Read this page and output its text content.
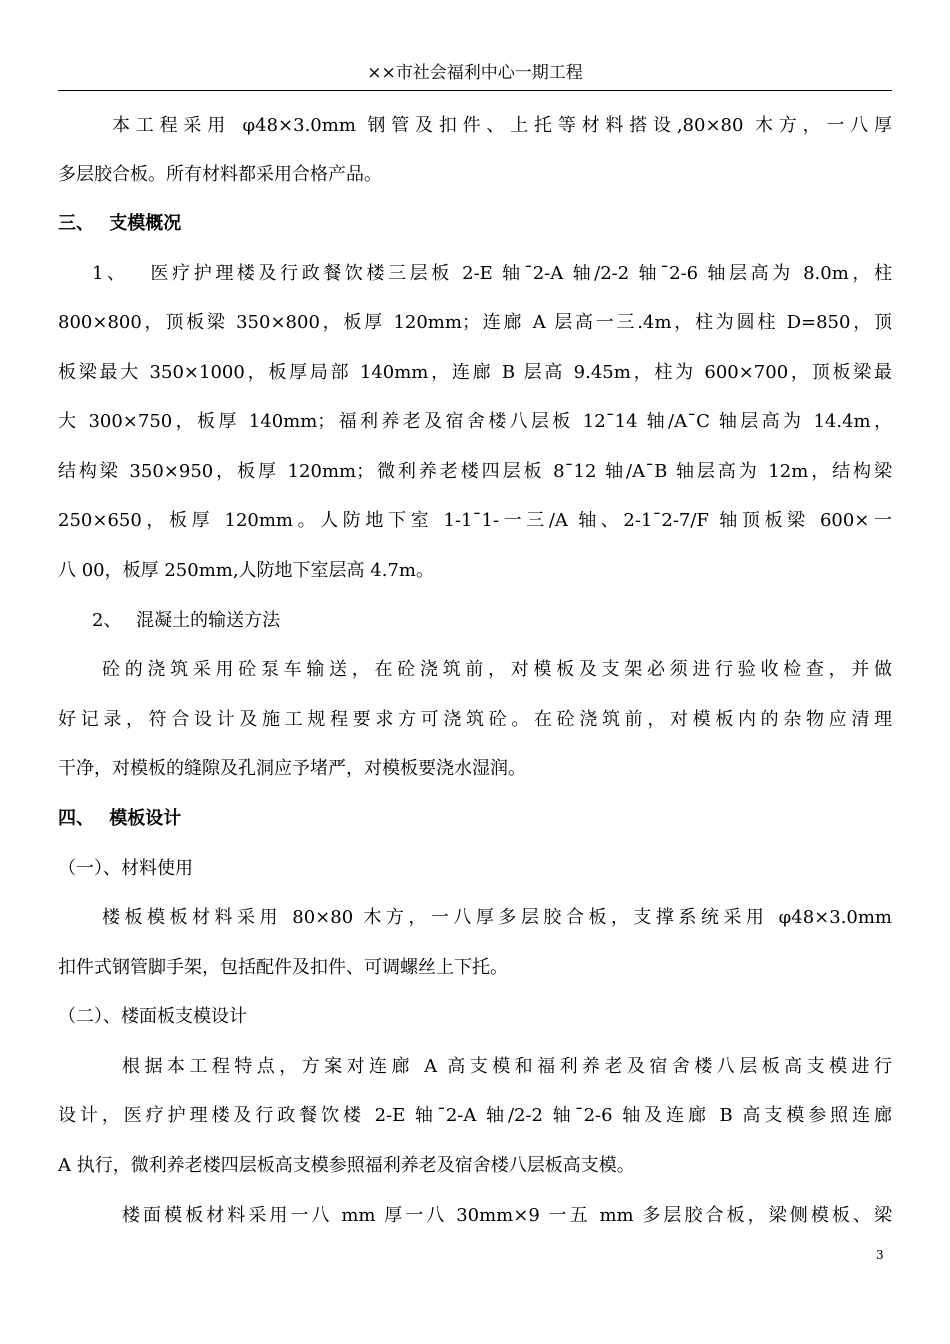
××市社会福利中心一期工程
本工程采用 φ48×3.0mm 钢管及扣件、上托等材料搭设,80×80 木方，一八厚
多层胶合板。所有材料都采用合格产品。
三、　 支模概况
1、　 医疗护理楼及行政餐饮楼三层板 2-E 轴¯2-A 轴/2-2 轴¯2-6 轴层高为 8.0m，柱
800×800，顶板梁 350×800，板厚 120mm；连廊 A 层高一三.4m，柱为圆柱 D=850，顶
板梁最大 350×1000，板厚局部 140mm，连廊 B 层高 9.45m，柱为 600×700，顶板梁最
大 300×750，板厚 140mm；福利养老及宿舍楼八层板 12¯14 轴/A¯C 轴层高为 14.4m，
结构梁 350×950，板厚 120mm；微利养老楼四层板 8¯12 轴/A¯B 轴层高为 12m，结构梁
250×650，板厚 120mm。人防地下室 1-1¯1-一三/A 轴、2-1¯2-7/F 轴顶板梁 600×一
八 00，板厚 250mm,人防地下室层高 4.7m。
2、　 混凝土的输送方法
砼的浇筑采用砼泵车输送，在砼浇筑前，对模板及支架必须进行验收检查，并做
好记录，符合设计及施工规程要求方可浇筑砼。在砼浇筑前，对模板内的杂物应清理
干净，对模板的缝隙及孔洞应予堵严，对模板要浇水湿润。
四、　 模板设计
（一）、材料使用
楼板模板材料采用 80×80 木方，一八厚多层胶合板，支撑系统采用 φ48×3.0mm
扣件式钢管脚手架，包括配件及扣件、可调螺丝上下托。
（二）、楼面板支模设计
根据本工程特点，方案对连廊 A 高支模和福利养老及宿舍楼八层板高支模进行
设计，医疗护理楼及行政餐饮楼 2-E 轴¯2-A 轴/2-2 轴¯2-6 轴及连廊 B 高支模参照连廊
A 执行，微利养老楼四层板高支模参照福利养老及宿舍楼八层板高支模。
楼面模板材料采用一八 mm 厚一八 30mm×9 一五 mm 多层胶合板，梁侧模板、梁
3
